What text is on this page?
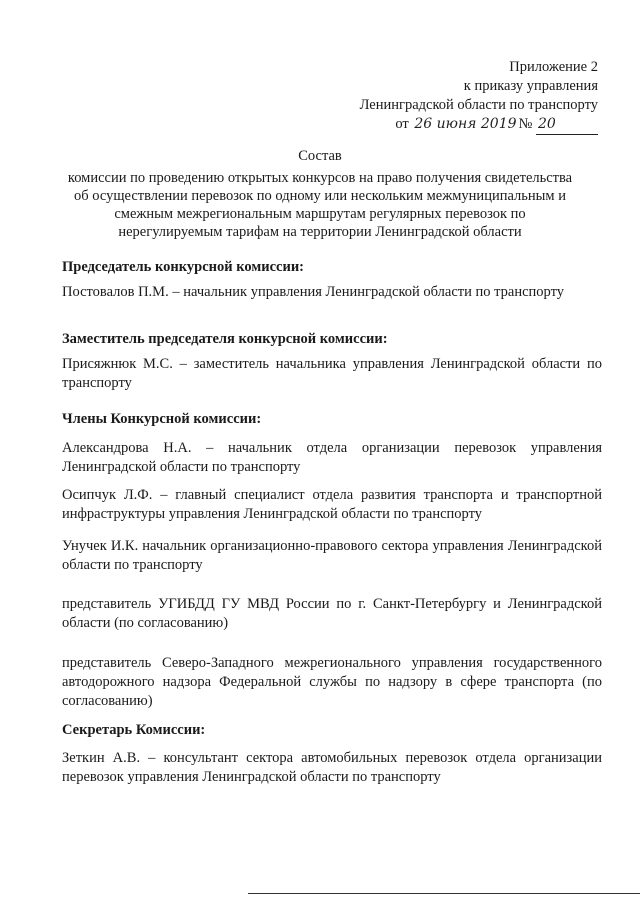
Приложение 2
к приказу управления
Ленинградской области по транспорту
от 26 июня 2019 № 20
Состав
комиссии по проведению открытых конкурсов на право получения свидетельства
об осуществлении перевозок по одному или нескольким межмуниципальным и
смежным межрегиональным маршрутам регулярных перевозок по
нерегулируемым тарифам на территории Ленинградской области
Председатель конкурсной комиссии:
Постовалов П.М. – начальник управления Ленинградской области по транспорту
Заместитель председателя конкурсной комиссии:
Присяжнюк М.С. – заместитель начальника управления Ленинградской области по транспорту
Члены Конкурсной комиссии:
Александрова Н.А. – начальник отдела организации перевозок управления Ленинградской области по транспорту
Осипчук Л.Ф. – главный специалист отдела развития транспорта и транспортной инфраструктуры управления Ленинградской области по транспорту
Унучек И.К. начальник организационно-правового сектора управления Ленинградской области по транспорту
представитель УГИБДД ГУ МВД России по г. Санкт-Петербургу и Ленинградской области (по согласованию)
представитель Северо-Западного межрегионального управления государственного автодорожного надзора Федеральной службы по надзору в сфере транспорта (по согласованию)
Секретарь Комиссии:
Зеткин А.В. – консультант сектора автомобильных перевозок отдела организации перевозок управления Ленинградской области по транспорту
